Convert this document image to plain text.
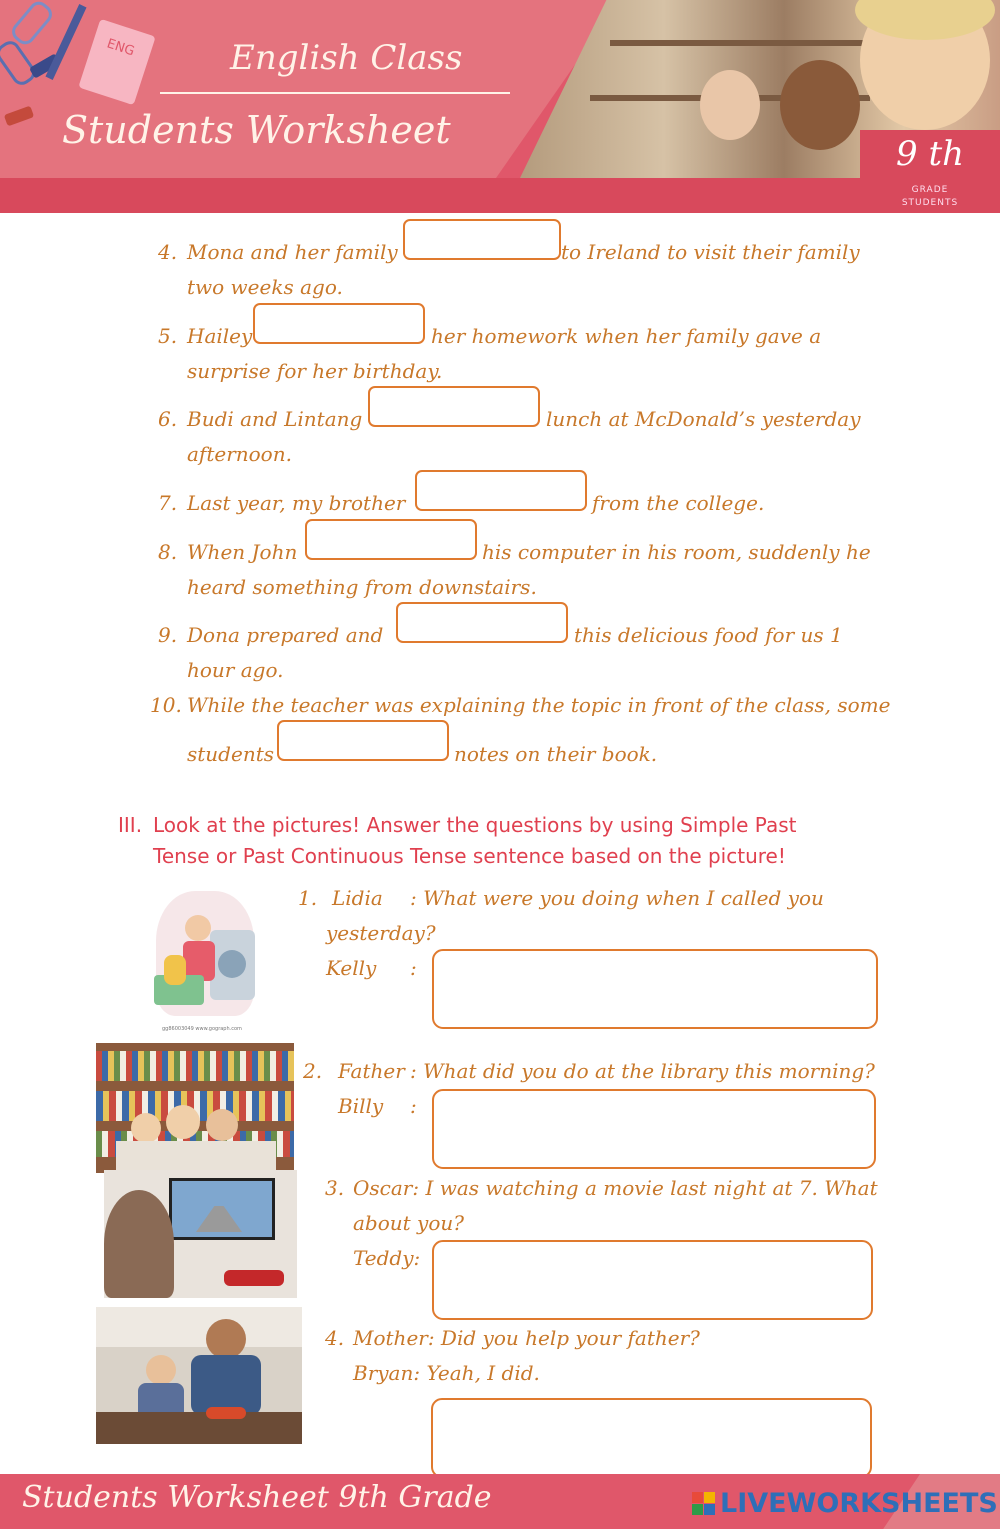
9 th
GRADE
STUDENTS
ENG	English Class
Students Worksheet
4. Mona and her family	to Ireland to visit their family
two weeks ago.
5. Hailey	her homework when her family gave a
surprise for her birthday.
6. Budi and Lintang	lunch at McDonald’s yesterday
afternoon.
7. Last year, my brother	from the college.
8. When John	his computer in his room, suddenly he
heard something from downstairs.
9. Dona prepared and	this delicious food for us 1
hour ago.
10. While the teacher was explaining the topic in front of the class, some
students	notes on their book.
III. Look at the pictures! Answer the questions by using Simple Past
Tense or Past Continuous Tense sentence based on the picture!
gg86003049 www.gograph.com
1. Lidia : What were you doing when I called you
yesterday?
Kelly :
2. Father : What did you do at the library this morning?
Billy :
3. Oscar: I was watching a movie last night at 7. What
about you?
Teddy:
4. Mother: Did you help your father?
Bryan: Yeah, I did.
Students Worksheet 9th Grade	LIVEWORKSHEETS
